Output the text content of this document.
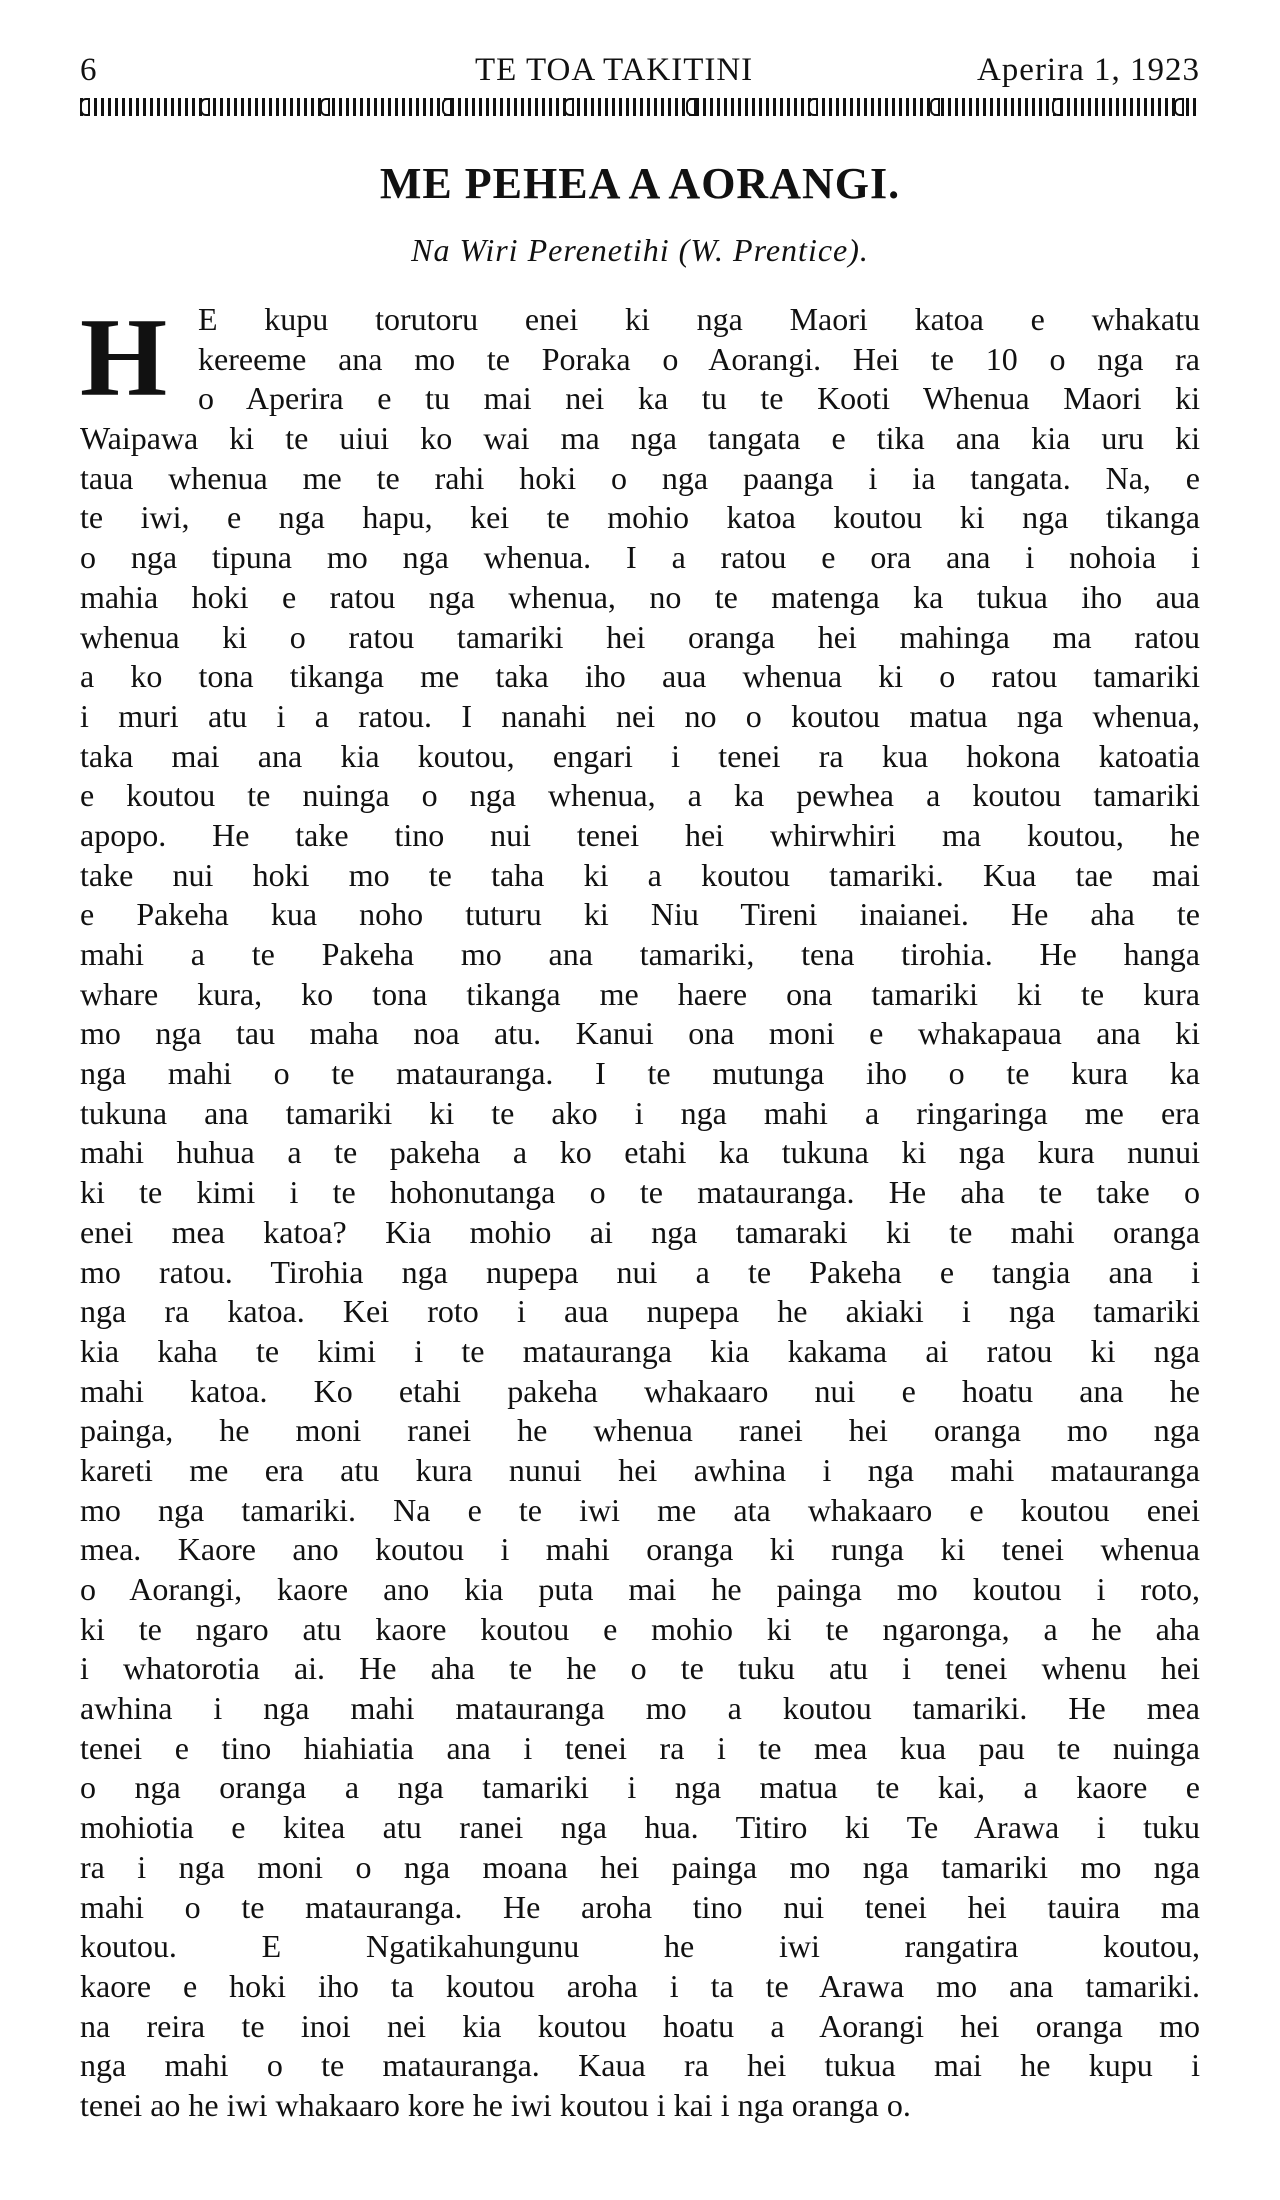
6	TE TOA TAKITINI	Aperira 1, 1923
ME PEHEA A AORANGI.
Na Wiri Perenetihi (W. Prentice).
H E kupu torutoru enei ki nga Maori katoa e whakatu
kereeme ana mo te Poraka o Aorangi. Hei te 10 o nga ra
o Aperira e tu mai nei ka tu te Kooti Whenua Maori ki
Waipawa ki te uiui ko wai ma nga tangata e tika ana kia uru ki
taua whenua me te rahi hoki o nga paanga i ia tangata. Na, e
te iwi, e nga hapu, kei te mohio katoa koutou ki nga tikanga
o nga tipuna mo nga whenua. I a ratou e ora ana i nohoia i
mahia hoki e ratou nga whenua, no te matenga ka tukua iho aua
whenua ki o ratou tamariki hei oranga hei mahinga ma ratou
a ko tona tikanga me taka iho aua whenua ki o ratou tamariki
i muri atu i a ratou. I nanahi nei no o koutou matua nga whenua,
taka mai ana kia koutou, engari i tenei ra kua hokona katoatia
e koutou te nuinga o nga whenua, a ka pewhea a koutou tamariki
apopo. He take tino nui tenei hei whirwhiri ma koutou, he
take nui hoki mo te taha ki a koutou tamariki. Kua tae mai
e Pakeha kua noho tuturu ki Niu Tireni inaianei. He aha te
mahi a te Pakeha mo ana tamariki, tena tirohia. He hanga
whare kura, ko tona tikanga me haere ona tamariki ki te kura
mo nga tau maha noa atu. Kanui ona moni e whakapaua ana ki
nga mahi o te matauranga. I te mutunga iho o te kura ka
tukuna ana tamariki ki te ako i nga mahi a ringaringa me era
mahi huhua a te pakeha a ko etahi ka tukuna ki nga kura nunui
ki te kimi i te hohonutanga o te matauranga. He aha te take o
enei mea katoa? Kia mohio ai nga tamaraki ki te mahi oranga
mo ratou. Tirohia nga nupepa nui a te Pakeha e tangia ana i
nga ra katoa. Kei roto i aua nupepa he akiaki i nga tamariki
kia kaha te kimi i te matauranga kia kakama ai ratou ki nga
mahi katoa. Ko etahi pakeha whakaaro nui e hoatu ana he
painga, he moni ranei he whenua ranei hei oranga mo nga
kareti me era atu kura nunui hei awhina i nga mahi matauranga
mo nga tamariki. Na e te iwi me ata whakaaro e koutou enei
mea. Kaore ano koutou i mahi oranga ki runga ki tenei whenua
o Aorangi, kaore ano kia puta mai he painga mo koutou i roto,
ki te ngaro atu kaore koutou e mohio ki te ngaronga, a he aha
i whatorotia ai. He aha te he o te tuku atu i tenei whenu hei
awhina i nga mahi matauranga mo a koutou tamariki. He mea
tenei e tino hiahiatia ana i tenei ra i te mea kua pau te nuinga
o nga oranga a nga tamariki i nga matua te kai, a kaore e
mohiotia e kitea atu ranei nga hua. Titiro ki Te Arawa i tuku
ra i nga moni o nga moana hei painga mo nga tamariki mo nga
mahi o te matauranga. He aroha tino nui tenei hei tauira ma
koutou. E Ngatikahungunu he iwi rangatira koutou,
kaore e hoki iho ta koutou aroha i ta te Arawa mo ana tamariki.
na reira te inoi nei kia koutou hoatu a Aorangi hei oranga mo
nga mahi o te matauranga. Kaua ra hei tukua mai he kupu i
tenei ao he iwi whakaaro kore he iwi koutou i kai i nga oranga o.
